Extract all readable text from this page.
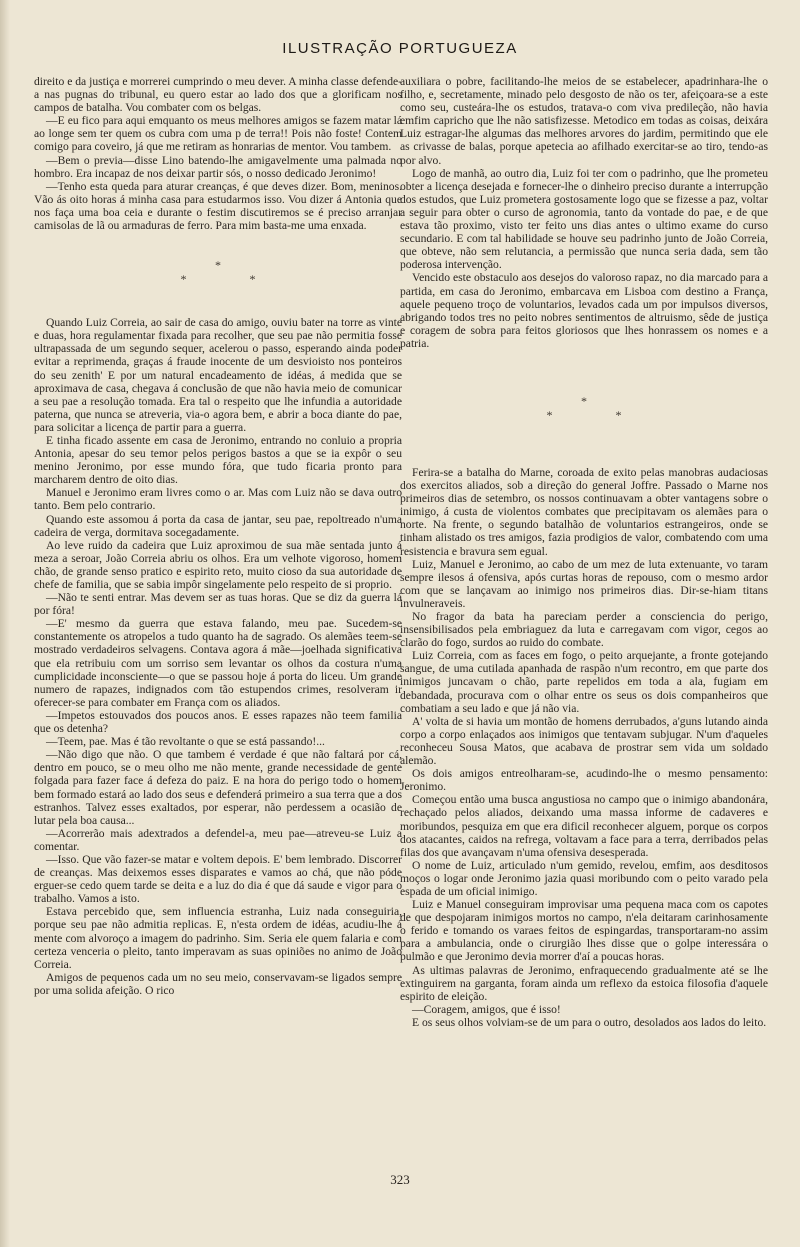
ILUSTRAÇÃO PORTUGUEZA

direito e da justiça e morrerei cumprindo o meu dever. A minha classe defende-a nas pugnas do tribunal, eu quero estar ao lado dos que a glorificam nos campos de batalha. Vou combater com os belgas.

—E eu fico para aqui emquanto os meus melhores amigos se fazem matar lá ao longe sem ter quem os cubra com uma p de terra!! Pois não foste! Contem comigo para coveiro, já que me retiram as honrarias de mentor. Vou tambem.

—Bem o previa—disse Lino batendo-lhe amigavelmente uma palmada no hombro. Era incapaz de nos deixar partir sós, o nosso dedicado Jeronimo!

—Tenho esta queda para aturar creanças, é que deves dizer. Bom, meninos. Vão ás oito horas á minha casa para estudarmos isso. Vou dizer á Antonia que nos faça uma boa ceia e durante o festim discutiremos se é preciso arranjar camisolas de lã ou armaduras de ferro. Para mim basta-me uma enxada.

*
* *

Quando Luiz Correia, ao sair de casa do amigo, ouviu bater na torre as vinte e duas, hora regulamentar fixada para recolher, que seu pae não permitia fosse ultrapassada de um segundo sequer, acelerou o passo, esperando ainda poder evitar a reprimenda, graças á fraude inocente de um desvioisto nos ponteiros do seu zenith' E por um natural encadeamento de idéas, á medida que se aproximava de casa, chegava á conclusão de que não havia meio de comunicar a seu pae a resolução tomada. Era tal o respeito que lhe infundia a autoridade paterna, que nunca se atreveria, via-o agora bem, e abrir a boca diante do pae, para solicitar a licença de partir para a guerra.

E tinha ficado assente em casa de Jeronimo, entrando no conluio a propria Antonia, apesar do seu temor pelos perigos bastos a que se ia expôr o seu menino Jeronimo, por esse mundo fóra, que tudo ficaria pronto para marcharem dentro de oito dias.

Manuel e Jeronimo eram livres como o ar. Mas com Luiz não se dava outro tanto. Bem pelo contrario.

Quando este assomou á porta da casa de jantar, seu pae, repoltreado n'uma cadeira de verga, dormitava socegadamente.

Ao leve ruido da cadeira que Luiz aproximou de sua mãe sentada junto á meza a seroar, João Correia abriu os olhos. Era um velhote vigoroso, homem chão, de grande senso pratico e espirito reto, muito cioso da sua autoridade de chefe de familia, que se sabia impôr singelamente pelo respeito de si proprio.

—Não te senti entrar. Mas devem ser as tuas horas. Que se diz da guerra lá por fóra!

—E' mesmo da guerra que estava falando, meu pae. Sucedem-se constantemente os atropelos a tudo quanto ha de sagrado. Os alemães teem-se mostrado verdadeiros selvagens. Contava agora á mãe—joelhada significativa que ela retribuiu com um sorriso sem levantar os olhos da costura n'uma cumplicidade inconsciente—o que se passou hoje á porta do liceu. Um grande numero de rapazes, indignados com tão estupendos crimes, resolveram ir oferecer-se para combater em França com os aliados.

—Impetos estouvados dos poucos anos. E esses rapazes não teem familia que os detenha?

—Teem, pae. Mas é tão revoltante o que se está passando!...

—Não digo que não. O que tambem é verdade é que não faltará por cá, dentro em pouco, se o meu olho me não mente, grande necessidade de gente folgada para fazer face á defeza do paiz. E na hora do perigo todo o homem bem formado estará ao lado dos seus e defenderá primeiro a sua terra que a dos estranhos. Talvez esses exaltados, por esperar, não perdessem a ocasião de lutar pela boa causa...

—Acorrerão mais adextrados a defendel-a, meu pae—atreveu-se Luiz a comentar.

—Isso. Que vão fazer-se matar e voltem depois. E' bem lembrado. Discorrer de creanças. Mas deixemos esses disparates e vamos ao chá, que não póde erguer-se cedo quem tarde se deita e a luz do dia é que dá saude e vigor para o trabalho. Vamos a isto.

Estava percebido que, sem influencia estranha, Luiz nada conseguiria, porque seu pae não admitia replicas. E, n'esta ordem de idéas, acudiu-lhe á mente com alvoroço a imagem do padrinho. Sim. Seria ele quem falaria e com certeza venceria o pleito, tanto imperavam as suas opiniões no animo de João Correia.

Amigos de pequenos cada um no seu meio, conservavam-se ligados sempre por uma solida afeição. O rico

auxiliara o pobre, facilitando-lhe meios de se estabelecer, apadrinhara-lhe o filho, e, secretamente, minado pelo desgosto de não os ter, afeiçoara-se a este como seu, custeára-lhe os estudos, tratava-o com viva predileção, não havia emfim capricho que lhe não satisfizesse. Metodico em todas as coisas, deixára Luiz estragar-lhe algumas das melhores arvores do jardim, permitindo que ele as crivasse de balas, porque apetecia ao afilhado exercitar-se ao tiro, tendo-as por alvo.

Logo de manhã, ao outro dia, Luiz foi ter com o padrinho, que lhe prometeu obter a licença desejada e fornecer-lhe o dinheiro preciso durante a interrupção dos estudos, que Luiz prometera gostosamente logo que se fizesse a paz, voltar a seguir para obter o curso de agronomia, tanto da vontade do pae, e de que estava tão proximo, visto ter feito uns dias antes o ultimo exame do curso secundario. E com tal habilidade se houve seu padrinho junto de João Correia, que obteve, não sem relutancia, a permissão que nunca seria dada, sem tão poderosa intervenção.

Vencido este obstaculo aos desejos do valoroso rapaz, no dia marcado para a partida, em casa do Jeronimo, embarcava em Lisboa com destino a França, aquele pequeno troço de voluntarios, levados cada um por impulsos diversos, abrigando todos tres no peito nobres sentimentos de altruismo, sêde de justiça e coragem de sobra para feitos gloriosos que lhes honrassem os nomes e a patria.

*
* *

Ferira-se a batalha do Marne, coroada de exito pelas manobras audaciosas dos exercitos aliados, sob a direção do general Joffre. Passado o Marne nos primeiros dias de setembro, os nossos continuavam a obter vantagens sobre o inimigo, á custa de violentos combates que precipitavam os alemães para o norte. Na frente, o segundo batalhão de voluntarios estrangeiros, onde se tinham alistado os tres amigos, fazia prodigios de valor, combatendo com uma resistencia e bravura sem egual.

Luiz, Manuel e Jeronimo, ao cabo de um mez de luta extenuante, vo taram sempre ilesos á ofensiva, após curtas horas de repouso, com o mesmo ardor com que se lançavam ao inimigo nos primeiros dias. Dir-se-hiam titans invulneraveis.

No fragor da bata ha pareciam perder a consciencia do perigo, insensibilisados pela embriaguez da luta e carregavam com vigor, cegos ao clarão do fogo, surdos ao ruido do combate.

Luiz Correia, com as faces em fogo, o peito arquejante, a fronte gotejando sangue, de uma cutilada apanhada de raspão n'um recontro, em que parte dos inimigos juncavam o chão, parte repelidos em toda a ala, fugiam em debandada, procurava com o olhar entre os seus os dois companheiros que combatiam a seu lado e que já não via.

A' volta de si havia um montão de homens derrubados, a'guns lutando ainda corpo a corpo enlaçados aos inimigos que tentavam subjugar. N'um d'aqueles reconheceu Sousa Matos, que acabava de prostrar sem vida um soldado alemão.

Os dois amigos entreolharam-se, acudindo-lhe o mesmo pensamento: Jeronimo.

Começou então uma busca angustiosa no campo que o inimigo abandonára, rechaçado pelos aliados, deixando uma massa informe de cadaveres e moribundos, pesquiza em que era dificil reconhecer alguem, porque os corpos dos atacantes, caidos na refrega, voltavam a face para a terra, derribados pelas filas dos que avançavam n'uma ofensiva desesperada.

O nome de Luiz, articulado n'um gemido, revelou, emfim, aos desditosos moços o logar onde Jeronimo jazia quasi moribundo com o peito varado pela espada de um oficial inimigo.

Luiz e Manuel conseguiram improvisar uma pequena maca com os capotes de que despojaram inimigos mortos no campo, n'ela deitaram carinhosamente o ferido e tomando os varaes feitos de espingardas, transportaram-no assim para a ambulancia, onde o cirurgião lhes disse que o golpe interessára o pulmão e que Jeronimo devia morrer d'aí a poucas horas.

As ultimas palavras de Jeronimo, enfraquecendo gradualmente até se lhe extinguirem na garganta, foram ainda um reflexo da estoica filosofia d'aquele espirito de eleição.

—Coragem, amigos, que é isso!

E os seus olhos volviam-se de um para o outro, desolados aos lados do leito.

323
